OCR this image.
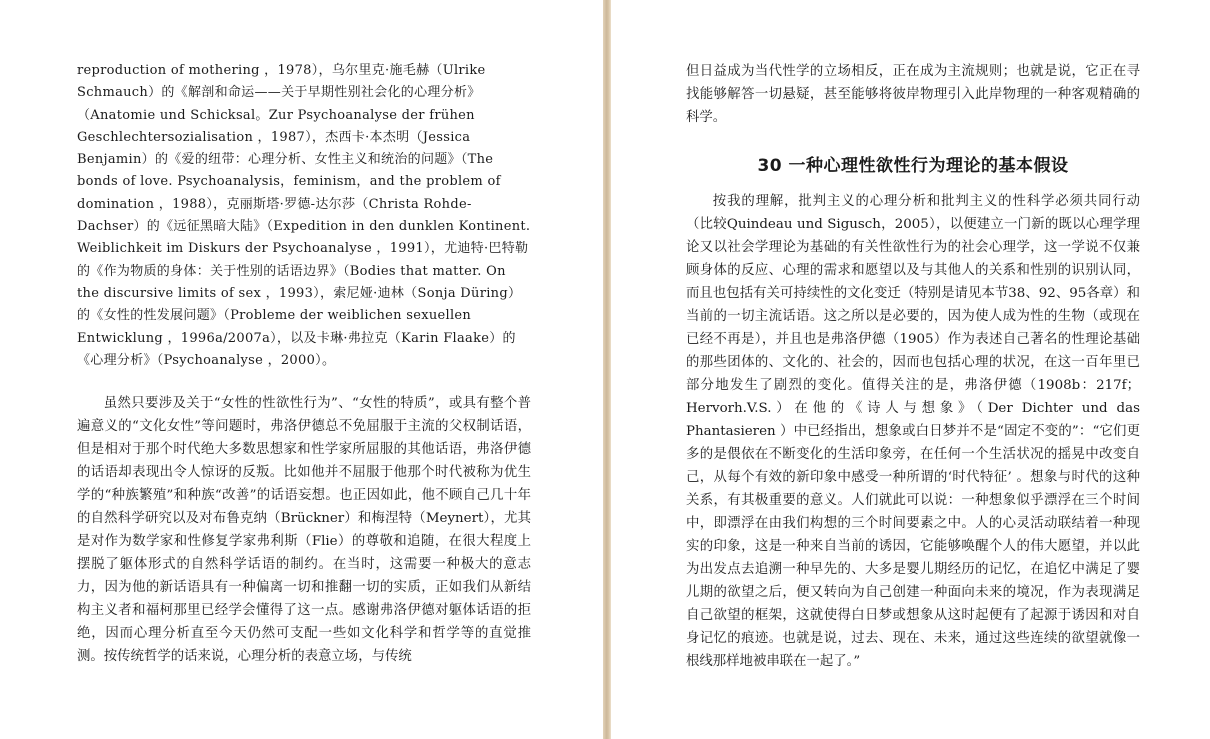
reproduction of mothering ，1978），乌尔里克·施毛赫（Ulrike Schmauch）的《解剖和命运——关于早期性别社会化的心理分析》（Anatomie und Schicksal。Zur Psychoanalyse der frühen Geschlechtersozialisation ，1987），杰西卡·本杰明（Jessica Benjamin）的《爱的纽带：心理分析、女性主义和统治的问题》（The bonds of love. Psychoanalysis，feminism，and the problem of domination ，1988），克丽斯塔·罗德-达尔莎（Christa Rohde-Dachser）的《远征黑暗大陆》（Expedition in den dunklen Kontinent. Weiblichkeit im Diskurs der Psychoanalyse ，1991），尤迪特·巴特勒的《作为物质的身体：关于性别的话语边界》（Bodies that matter. On the discursive limits of sex ，1993），索尼娅·迪林（Sonja Düring）的《女性的性发展问题》（Probleme der weiblichen sexuellen Entwicklung ，1996a/2007a），以及卡琳·弗拉克（Karin Flaake）的《心理分析》（Psychoanalyse ，2000）。

虽然只要涉及关于“女性的性欲性行为”、“女性的特质”，或具有整个普遍意义的“文化女性”等问题时，弗洛伊德总不免屈服于主流的父权制话语，但是相对于那个时代绝大多数思想家和性学家所屈服的其他话语，弗洛伊德的话语却表现出令人惊讶的反叛。比如他并不屈服于他那个时代被称为优生学的“种族繁殖”和种族“改善”的话语妄想。也正因如此，他不顾自己几十年的自然科学研究以及对布鲁克纳（Brückner）和梅涅特（Meynert），尤其是对作为数学家和性修复学家弗利斯（Flie）的尊敬和追随，在很大程度上摆脱了躯体形式的自然科学话语的制约。在当时，这需要一种极大的意志力，因为他的新话语具有一种偏离一切和推翻一切的实质，正如我们从新结构主义者和福柯那里已经学会懂得了这一点。感谢弗洛伊德对躯体话语的拒绝，因而心理分析直至今天仍然可支配一些如文化科学和哲学等的直觉推测。按传统哲学的话来说，心理分析的表意立场，与传统

但日益成为当代性学的立场相反，正在成为主流规则；也就是说，它正在寻找能够解答一切悬疑，甚至能够将彼岸物理引入此岸物理的一种客观精确的科学。

30 一种心理性欲性行为理论的基本假设

按我的理解，批判主义的心理分析和批判主义的性科学必须共同行动（比较Quindeau und Sigusch，2005），以便建立一门新的既以心理学理论又以社会学理论为基础的有关性欲性行为的社会心理学，这一学说不仅兼顾身体的反应、心理的需求和愿望以及与其他人的关系和性别的识别认同，而且也包括有关可持续性的文化变迁（特别是请见本节38、92、95各章）和当前的一切主流话语。这之所以是必要的，因为使人成为性的生物（或现在已经不再是），并且也是弗洛伊德（1905）作为表述自己著名的性理论基础的那些团体的、文化的、社会的，因而也包括心理的状况，在这一百年里已部分地发生了剧烈的变化。值得关注的是，弗洛伊德（1908b：217f；Hervorh.V.S.）在他的《诗人与想象》（Der Dichter und das Phantasieren ）中已经指出，想象或白日梦并不是“固定不变的”：“它们更多的是偎依在不断变化的生活印象旁，在任何一个生活状况的摇晃中改变自己，从每个有效的新印象中感受一种所谓的‘时代特征’ 。想象与时代的这种关系，有其极重要的意义。人们就此可以说：一种想象似乎漂浮在三个时间中，即漂浮在由我们构想的三个时间要素之中。人的心灵活动联结着一种现实的印象，这是一种来自当前的诱因，它能够唤醒个人的伟大愿望，并以此为出发点去追溯一种早先的、大多是婴儿期经历的记忆，在追忆中满足了婴儿期的欲望之后，便又转向为自己创建一种面向未来的境况，作为表现满足自己欲望的框架，这就使得白日梦或想象从这时起便有了起源于诱因和对自身记忆的痕迹。也就是说，过去、现在、未来，通过这些连续的欲望就像一根线那样地被串联在一起了。”
